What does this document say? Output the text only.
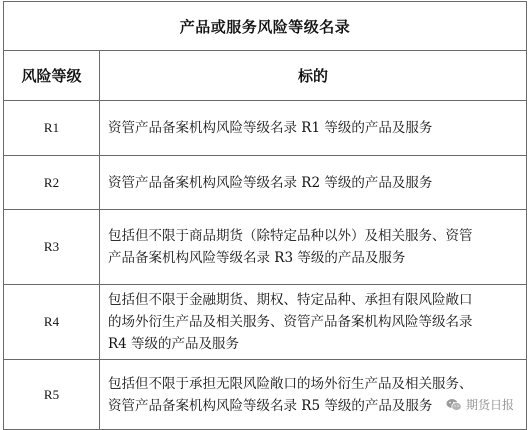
产品或服务风险等级名录	
风险等级	标的
R1	资管产品备案机构风险等级名录 R1 等级的产品及服务

R2	资管产品备案机构风险等级名录 R2 等级的产品及服务

R3	包括但不限于商品期货（除特定品种以外）及相关服务、资管
产品备案机构风险等级名录 R3 等级的产品及服务

R4	包括但不限于金融期货、期权、特定品种、承担有限风险敞口
的场外衍生产品及相关服务、资管产品备案机构风险等级名录
R4 等级的产品及服务

R5	包括但不限于承担无限风险敞口的场外衍生产品及相关服务、
资管产品备案机构风险等级名录 R5 等级的产品及服务	期货日报
